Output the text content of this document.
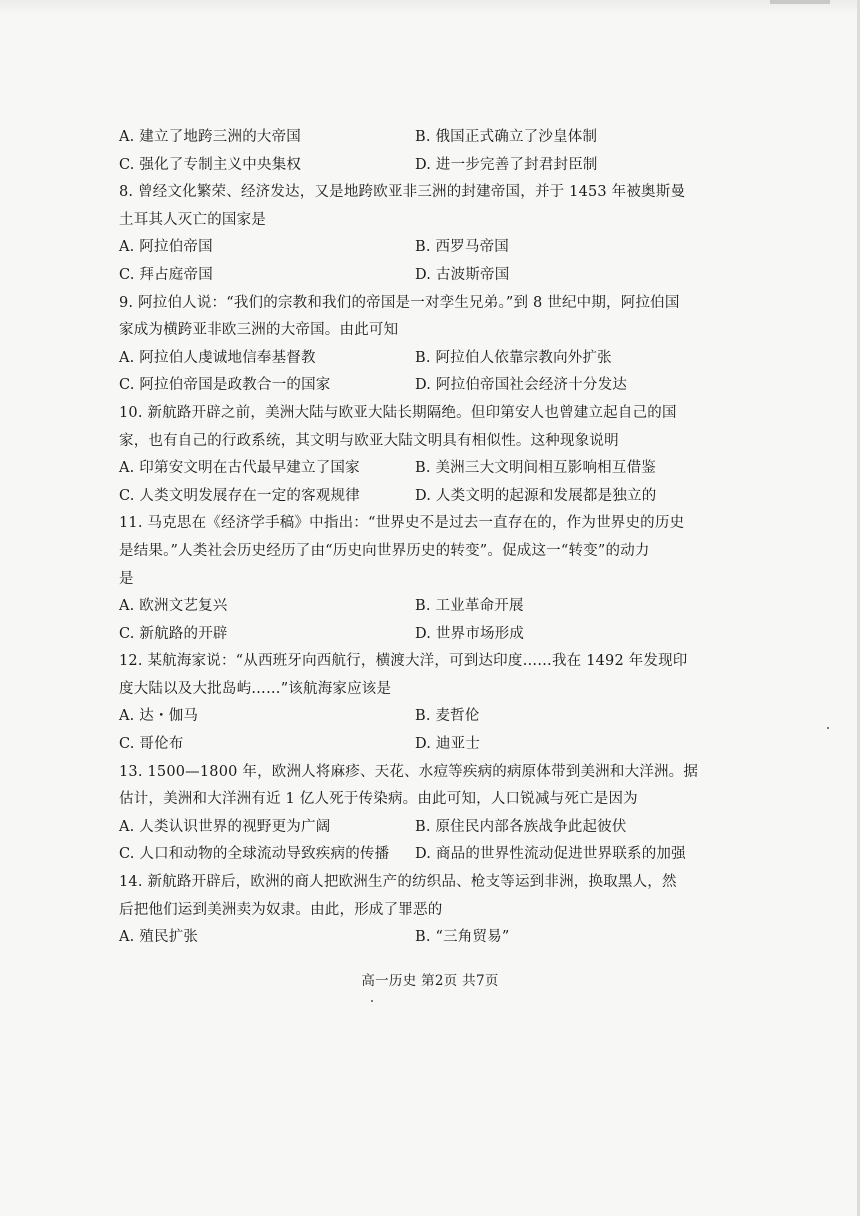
A. 建立了地跨三洲的大帝国	B. 俄国正式确立了沙皇体制
C. 强化了专制主义中央集权	D. 进一步完善了封君封臣制
8. 曾经文化繁荣、经济发达，又是地跨欧亚非三洲的封建帝国，并于 1453 年被奥斯曼
土耳其人灭亡的国家是
A. 阿拉伯帝国	B. 西罗马帝国
C. 拜占庭帝国	D. 古波斯帝国
9. 阿拉伯人说：“我们的宗教和我们的帝国是一对孪生兄弟。”到 8 世纪中期，阿拉伯国
家成为横跨亚非欧三洲的大帝国。由此可知
A. 阿拉伯人虔诚地信奉基督教	B. 阿拉伯人依靠宗教向外扩张
C. 阿拉伯帝国是政教合一的国家	D. 阿拉伯帝国社会经济十分发达
10. 新航路开辟之前，美洲大陆与欧亚大陆长期隔绝。但印第安人也曾建立起自己的国
家，也有自己的行政系统，其文明与欧亚大陆文明具有相似性。这种现象说明
A. 印第安文明在古代最早建立了国家	B. 美洲三大文明间相互影响相互借鉴
C. 人类文明发展存在一定的客观规律	D. 人类文明的起源和发展都是独立的
11. 马克思在《经济学手稿》中指出：“世界史不是过去一直存在的，作为世界史的历史
是结果。”人类社会历史经历了由“历史向世界历史的转变”。促成这一“转变”的动力
是
A. 欧洲文艺复兴	B. 工业革命开展
C. 新航路的开辟	D. 世界市场形成
12. 某航海家说：“从西班牙向西航行，横渡大洋，可到达印度……我在 1492 年发现印
度大陆以及大批岛屿……”该航海家应该是
A. 达・伽马	B. 麦哲伦
C. 哥伦布	D. 迪亚士
13. 1500—1800 年，欧洲人将麻疹、天花、水痘等疾病的病原体带到美洲和大洋洲。据
估计，美洲和大洋洲有近 1 亿人死于传染病。由此可知，人口锐减与死亡是因为
A. 人类认识世界的视野更为广阔	B. 原住民内部各族战争此起彼伏
C. 人口和动物的全球流动导致疾病的传播	D. 商品的世界性流动促进世界联系的加强
14. 新航路开辟后，欧洲的商人把欧洲生产的纺织品、枪支等运到非洲，换取黑人，然
后把他们运到美洲卖为奴隶。由此，形成了罪恶的
A. 殖民扩张	B. “三角贸易”
高一历史 第2页 共7页
